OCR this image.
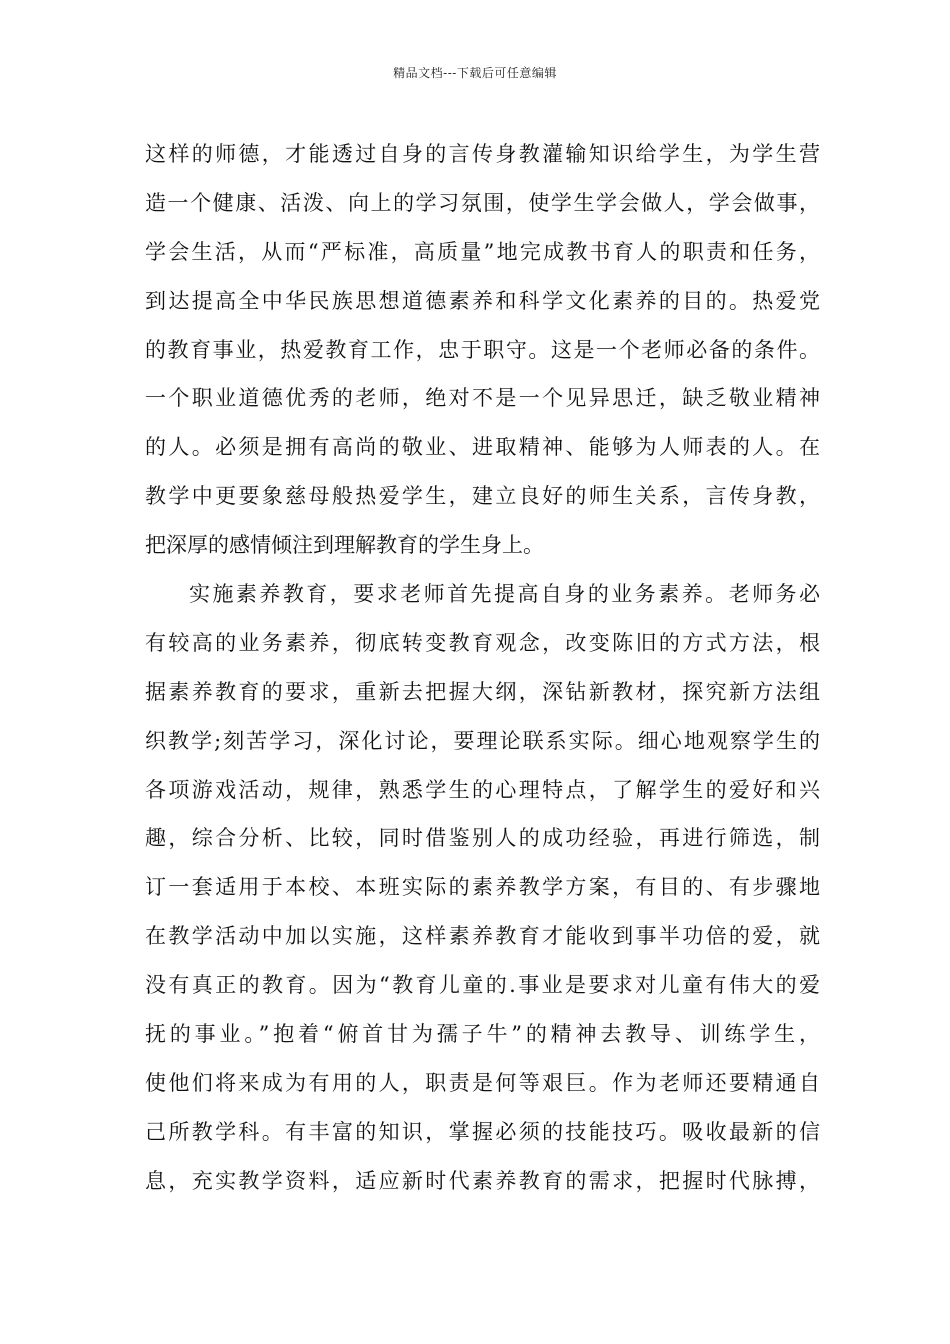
精品文档---下载后可任意编辑
这样的师德，才能透过自身的言传身教灌输知识给学生，为学生营
造一个健康、活泼、向上的学习氛围，使学生学会做人，学会做事，
学会生活，从而“严标准，高质量”地完成教书育人的职责和任务，
到达提高全中华民族思想道德素养和科学文化素养的目的。热爱党
的教育事业，热爱教育工作，忠于职守。这是一个老师必备的条件。
一个职业道德优秀的老师，绝对不是一个见异思迁，缺乏敬业精神
的人。必须是拥有高尚的敬业、进取精神、能够为人师表的人。在
教学中更要象慈母般热爱学生，建立良好的师生关系，言传身教，
把深厚的感情倾注到理解教育的学生身上。
实施素养教育，要求老师首先提高自身的业务素养。老师务必
有较高的业务素养，彻底转变教育观念，改变陈旧的方式方法，根
据素养教育的要求，重新去把握大纲，深钻新教材，探究新方法组
织教学;刻苦学习，深化讨论，要理论联系实际。细心地观察学生的
各项游戏活动，规律，熟悉学生的心理特点，了解学生的爱好和兴
趣，综合分析、比较，同时借鉴别人的成功经验，再进行筛选，制
订一套适用于本校、本班实际的素养教学方案，有目的、有步骤地
在教学活动中加以实施，这样素养教育才能收到事半功倍的爱，就
没有真正的教育。因为“教育儿童的.事业是要求对儿童有伟大的爱
抚的事业。”抱着“俯首甘为孺子牛”的精神去教导、训练学生，
使他们将来成为有用的人，职责是何等艰巨。作为老师还要精通自
己所教学科。有丰富的知识，掌握必须的技能技巧。吸收最新的信
息，充实教学资料，适应新时代素养教育的需求，把握时代脉搏，
